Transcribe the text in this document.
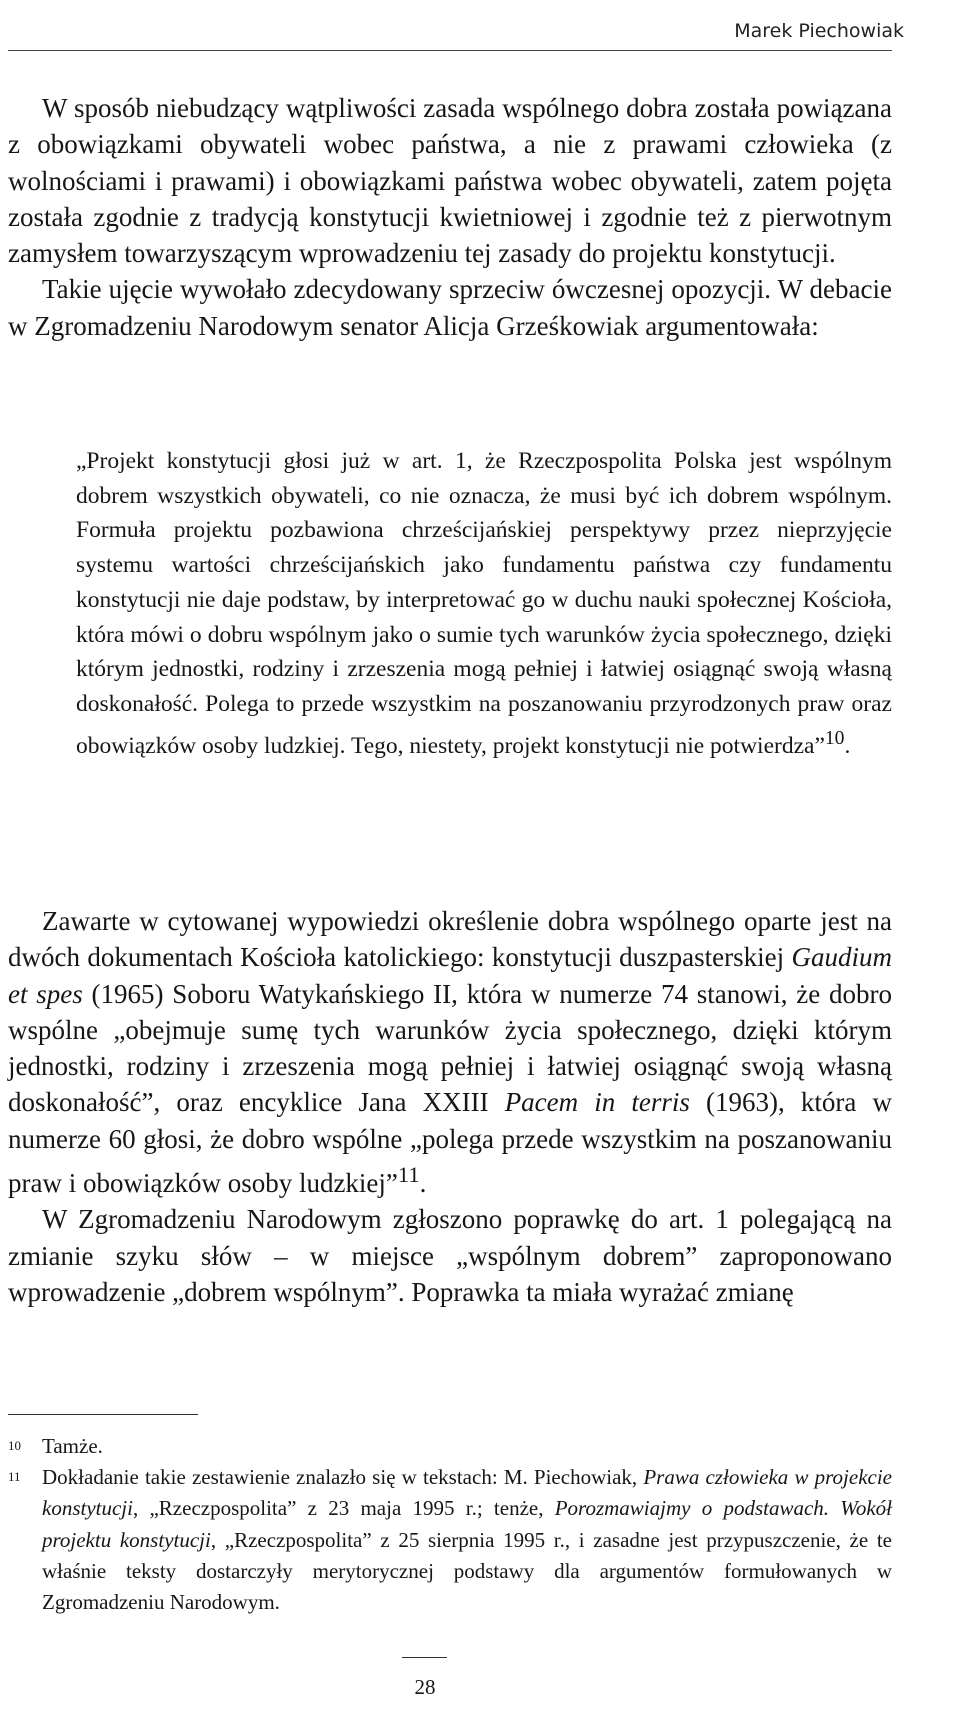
Marek Piechowiak

W sposób niebudzący wątpliwości zasada wspólnego dobra została powiązana z obowiązkami obywateli wobec państwa, a nie z prawami człowieka (z wolnościami i prawami) i obowiązkami państwa wobec obywateli, zatem pojęta została zgodnie z tradycją konstytucji kwietniowej i zgodnie też z pierwotnym zamysłem towarzyszącym wprowadzeniu tej zasady do projektu konstytucji.

Takie ujęcie wywołało zdecydowany sprzeciw ówczesnej opozycji. W debacie w Zgromadzeniu Narodowym senator Alicja Grześkowiak argumentowała:

„Projekt konstytucji głosi już w art. 1, że Rzeczpospolita Polska jest wspólnym dobrem wszystkich obywateli, co nie oznacza, że musi być ich dobrem wspólnym. Formuła projektu pozbawiona chrześcijańskiej perspektywy przez nieprzyjęcie systemu wartości chrześcijańskich jako fundamentu państwa czy fundamentu konstytucji nie daje podstaw, by interpretować go w duchu nauki społecznej Kościoła, która mówi o dobru wspólnym jako o sumie tych warunków życia społecznego, dzięki którym jednostki, rodziny i zrzeszenia mogą pełniej i łatwiej osiągnąć swoją własną doskonałość. Polega to przede wszystkim na poszanowaniu przyrodzonych praw oraz obowiązków osoby ludzkiej. Tego, niestety, projekt konstytucji nie potwierdza”$^{10}$.

Zawarte w cytowanej wypowiedzi określenie dobra wspólnego oparte jest na dwóch dokumentach Kościoła katolickiego: konstytucji duszpasterskiej Gaudium et spes (1965) Soboru Watykańskiego II, która w numerze 74 stanowi, że dobro wspólne „obejmuje sumę tych warunków życia społecznego, dzięki którym jednostki, rodziny i zrzeszenia mogą pełniej i łatwiej osiągnąć swoją własną doskonałość”, oraz encyklice Jana XXIII Pacem in terris (1963), która w numerze 60 głosi, że dobro wspólne „polega przede wszystkim na poszanowaniu praw i obowiązków osoby ludzkiej”$^{11}$.

W Zgromadzeniu Narodowym zgłoszono poprawkę do art. 1 polegającą na zmianie szyku słów – w miejsce „wspólnym dobrem” zaproponowano wprowadzenie „dobrem wspólnym”. Poprawka ta miała wyrażać zmianę

10 Tamże.
11 Dokładanie takie zestawienie znalazło się w tekstach: M. Piechowiak, Prawa człowieka w projekcie konstytucji, „Rzeczpospolita” z 23 maja 1995 r.; tenże, Porozmawiajmy o podstawach. Wokół projektu konstytucji, „Rzeczpospolita” z 25 sierpnia 1995 r., i zasadne jest przypuszczenie, że te właśnie teksty dostarczyły merytorycznej podstawy dla argumentów formułowanych w Zgromadzeniu Narodowym.
28
